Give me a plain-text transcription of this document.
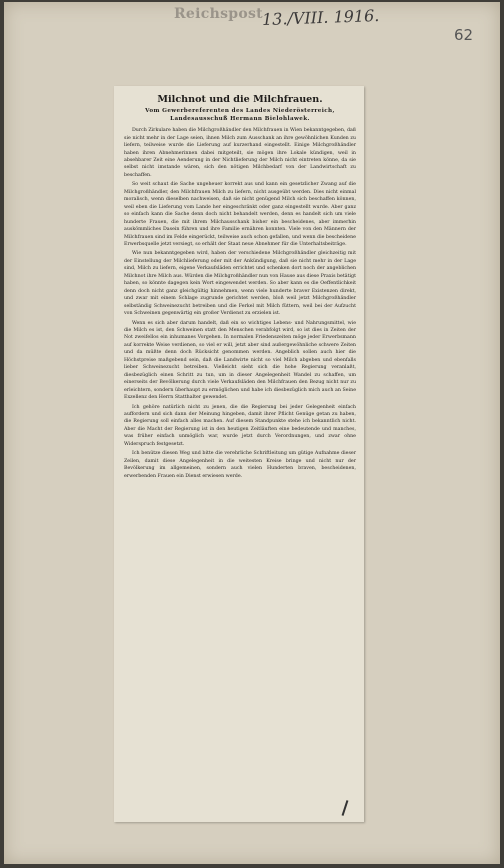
Reichspost
13./VIII. 1916.
62
Milchnot und die Milchfrauen.
Vom Gewerbereferenten des Landes Niederösterreich, Landesausschuß Hermann Bielohlawek.

Durch Zirkulare haben die Milchgroßhändler den Milchfrauen in Wien bekanntgegeben, daß sie nicht mehr in der Lage seien, ihnen Milch zum Ausschank an ihre gewöhnlichen Kunden zu liefern, teilweise wurde die Lieferung auf kurzerhand eingestellt. Einige Milchgroßhändler haben ihren Abnehmerinnen dabei mitgeteilt, sie mögen ihre Lokale kündigen, weil in absehbarer Zeit eine Aenderung in der Nichtlieferung der Milch nicht eintreten könne, da sie selbst nicht imstande wären, sich den nötigen Milchbedarf von der Landwirtschaft zu beschaffen.

So weit schaut die Sache ungeheuer korrekt aus und kann ein gesetzlicher Zwang auf die Milchgroßhändler, den Milchfrauen Milch zu liefern, nicht ausgeübt werden. Dies nicht einmal moralisch, wenn dieselben nachweisen, daß sie nicht genügend Milch sich beschaffen können, weil eben die Lieferung vom Lande her eingeschränkt oder ganz eingestellt wurde. Aber ganz so einfach kann die Sache denn doch nicht behandelt werden, denn es handelt sich um viele hunderte Frauen, die mit ihrem Milchausschank bisher ein bescheidenes, aber immerhin auskömmliches Dasein führen und ihre Familie ernähren konnten. Viele von den Männern der Milchfrauen sind im Felde eingerückt, teilweise auch schon gefallen, und wenn die bescheidene Erwerbsquelle jetzt versiegt, so erhält der Staat neue Abnehmer für die Unterhaltsbeiträge.

Wie nun bekanntgegeben wird, haben der verschiedene Milchgroßhändler gleichzeitig mit der Einstellung der Milchlieferung oder mit der Ankündigung, daß sie nicht mehr in der Lage sind, Milch zu liefern, eigene Verkaufsläden errichtet und schenken dort noch der angeblichen Milchnot ihre Milch aus. Würden die Milchgroßhändler nun von Hause aus diese Praxis betätigt haben, so könnte dagegen kein Wort eingewendet werden. So aber kann es die Oeffentlichkeit denn doch nicht ganz gleichgültig hinnehmen, wenn viele hunderte braver Existenzen direkt, und zwar mit einem Schlage zugrunde gerichtet werden, bloß weil jetzt Milchgroßhändler selbständig Schweinezucht betreiben und die Ferkel mit Milch füttern, weil bei der Aufzucht von Schweinen gegenwärtig ein großer Verdienst zu erzielen ist.

Wenn es sich aber darum handelt, daß ein so wichtiges Lebens- und Nahrungsmittel, wie die Milch es ist, den Schweinen statt den Menschen verabfolgt wird, so ist dies in Zeiten der Not zweifellos ein inhumanes Vorgehen. In normalen Friedenszeiten möge jeder Erwerbsmann auf korrekte Weise verdienen, so viel er will, jetzt aber sind außergewöhnliche schwere Zeiten und da müßte denn doch Rücksicht genommen werden. Angeblich sollen auch hier die Höchstpreise maßgebend sein, daß die Landwirte nicht so viel Milch abgeben und ebenfalls lieber Schweinezucht betreiben. Vielleicht sieht sich die hohe Regierung veranlaßt, diesbezüglich einen Schritt zu tun, um in dieser Angelegenheit Wandel zu schaffen, um einerseits der Bevölkerung durch viele Verkaufsläden den Milchfrauen den Bezug nicht nur zu erleichtern, sondern überhaupt zu ermöglichen und habe ich diesbezüglich mich auch an Seine Exzellenz den Herrn Statthalter gewendet.

Ich gehöre natürlich nicht zu jenen, die die Regierung bei jeder Gelegenheit einfach auffordern und sich dann der Meinung hingeben, damit ihrer Pflicht Genüge getan zu haben, die Regierung soll einfach alles machen. Auf diesem Standpunkte stehe ich bekanntlich nicht. Aber die Macht der Regierung ist in den heutigen Zeitläuften eine bedeutende und manches, was früher einfach unmöglich war, wurde jetzt durch Verordnungen, und zwar ohne Widerspruch festgesetzt.

Ich benütze diesen Weg und bitte die verehrliche Schriftleitung um gütige Aufnahme dieser Zeilen, damit diese Angelegenheit in die weitesten Kreise bringe und nicht nur der Bevölkerung im allgemeinen, sondern auch vielen Hunderten braven, bescheidenen, erwerbenden Frauen ein Dienst erwiesen werde.
